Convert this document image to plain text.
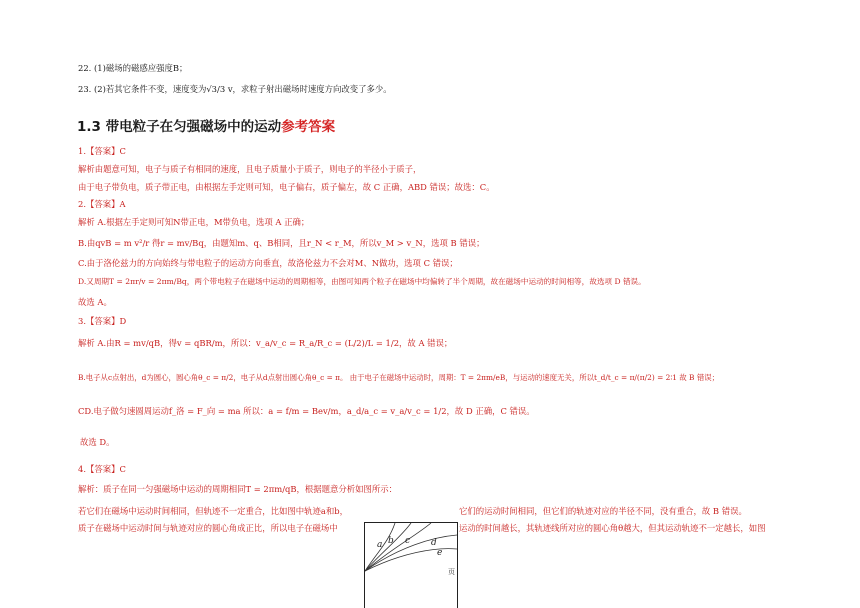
22. (1)磁场的磁感应强度B；
23. (2)若其它条件不变，速度变为√3/3 v，求粒子射出磁场时速度方向改变了多少。
1.3 带电粒子在匀强磁场中的运动参考答案
1.【答案】C
解析由题意可知，电子与质子有相同的速度，且电子质量小于质子，则电子的半径小于质子，
由于电子带负电，质子带正电，由根据左手定则可知，电子偏右，质子偏左，故 C 正确，ABD 错误；故选：C。
2.【答案】A
解析 A.根据左手定则可知N带正电，M带负电，选项 A 正确；
B.由qvB = m v²/r 得r = mv/Bq，由题知m、q、B相同，且r_N < r_M，所以v_M > v_N，选项 B 错误；
C.由于洛伦兹力的方向始终与带电粒子的运动方向垂直，故洛伦兹力不会对M、N做功，选项 C 错误；
D.又周期T = 2πr/v = 2πm/Bq，两个带电粒子在磁场中运动的周期相等，由图可知两个粒子在磁场中均偏转了半个周期，故在磁场中运动的时间相等，故选项 D 错误。
故选 A。
3.【答案】D
解析 A.由R = mv/qB，得v = qBR/m，所以：v_a/v_c = R_a/R_c = (L/2)/L = 1/2，故 A 错误；
B.电子从c点射出，d为圆心，圆心角θ_c = π/2，电子从d点射出圆心角θ_c = π。 由于电子在磁场中运动时，周期：T = 2πm/eB，与运动的速度无关，所以t_d/t_c = π/(π/2) = 2∶1 故 B 错误；
CD.电子做匀速圆周运动f_洛 = F_向 = ma 所以：a = f/m = Bev/m，a_d/a_c = v_a/v_c = 1/2，故 D 正确，C 错误。
故选 D。
4.【答案】C
解析：质子在同一匀强磁场中运动的周期相同T = 2πm/qB，根据题意分析如图所示：
若它们在磁场中运动时间相同，但轨迹不一定重合，比如图中轨迹a和b，	它们的运动时间相同，但它们的轨迹对应的半径不同，没有重合，故 B 错误。
质子在磁场中运动时间与轨迹对应的圆心角成正比，所以电子在磁场中	运动的时间越长，其轨迹线所对应的圆心角θ越大，但其运动轨迹不一定越长，如图
a b c d
e
页
